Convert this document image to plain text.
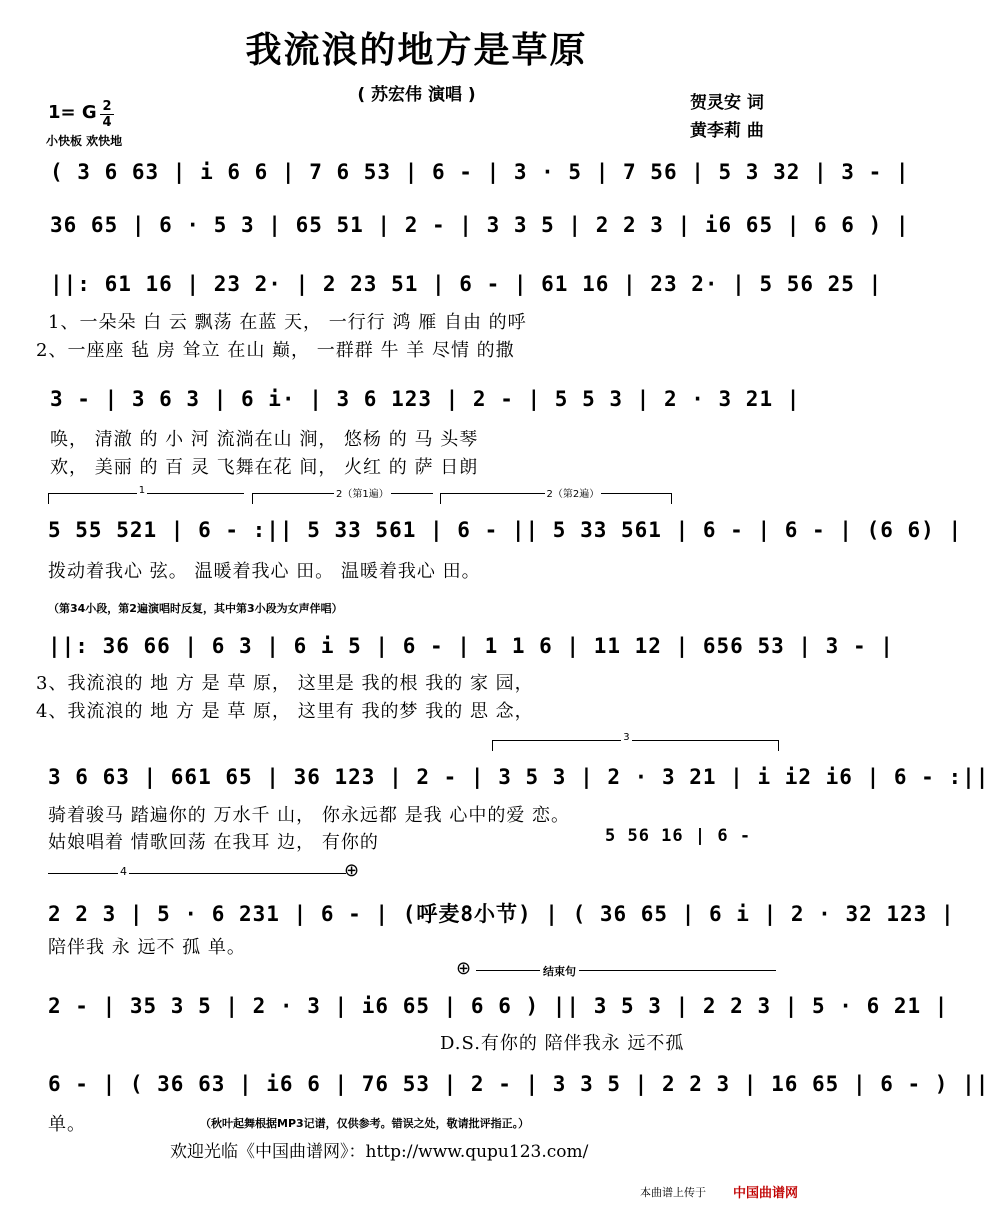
我流浪的地方是草原
( 苏宏伟 演唱 )	贺灵安 词
黄李莉 曲
1= G 2
4
小快板 欢快地
( 3 6 63 | i 6 6 | 7 6 53 | 6 - | 3 · 5 | 7 56 | 5 3 32 | 3 - |
36 65 | 6 · 5 3 | 65 51 | 2 - | 3 3 5 | 2 2 3 | i6 65 | 6 6 ) |
||: 61 16 | 23 2· | 2 23 51 | 6 - | 61 16 | 23 2· | 5 56 25 |
1、一朵朵 白 云 飘荡 在蓝 天， 一行行 鸿 雁 自由 的呼
2、一座座 毡 房 耸立 在山 巅， 一群群 牛 羊 尽情 的撒
3 - | 3 6 3 | 6 i· | 3 6 123 | 2 - | 5 5 3 | 2 · 3 21 |
唤， 清澈 的 小 河 流淌在山 涧， 悠杨 的 马 头琴
欢， 美丽 的 百 灵 飞舞在花 间， 火红 的 萨 日朗
1	2（第1遍）	2（第2遍）
5 55 521 | 6 - :|| 5 33 561 | 6 - || 5 33 561 | 6 - | 6 - | (6 6) |
拨动着我心 弦。 温暖着我心 田。 温暖着我心 田。
（第34小段，第2遍演唱时反复，其中第3小段为女声伴唱）
||: 36 66 | 6 3 | 6 i 5 | 6 - | 1 1 6 | 11 12 | 656 53 | 3 - |
3、我流浪的 地 方 是 草 原， 这里是 我的根 我的 家 园，
4、我流浪的 地 方 是 草 原， 这里有 我的梦 我的 思 念，
3
3 6 63 | 661 65 | 36 123 | 2 - | 3 5 3 | 2 · 3 21 | i i2 i6 | 6 - :||
骑着骏马 踏遍你的 万水千 山， 你永远都 是我 心中的爱 恋。
姑娘唱着 情歌回荡 在我耳 边， 有你的	5 56 16 | 6 -
4	⊕
2 2 3 | 5 · 6 231 | 6 - | (呼麦8小节) | ( 36 65 | 6 i | 2 · 32 123 |
陪伴我 永 远不 孤 单。
⊕	结束句
2 - | 35 3 5 | 2 · 3 | i6 65 | 6 6 ) || 3 5 3 | 2 2 3 | 5 · 6 21 |
D.S.有你的 陪伴我永 远不孤
6 - | ( 36 63 | i6 6 | 76 53 | 2 - | 3 3 5 | 2 2 3 | 16 65 | 6 - ) ||
单。	（秋叶起舞根据MP3记谱，仅供参考。错误之处，敬请批评指正。）
欢迎光临《中国曲谱网》：http://www.qupu123.com/
本曲谱上传于 中国曲谱网
